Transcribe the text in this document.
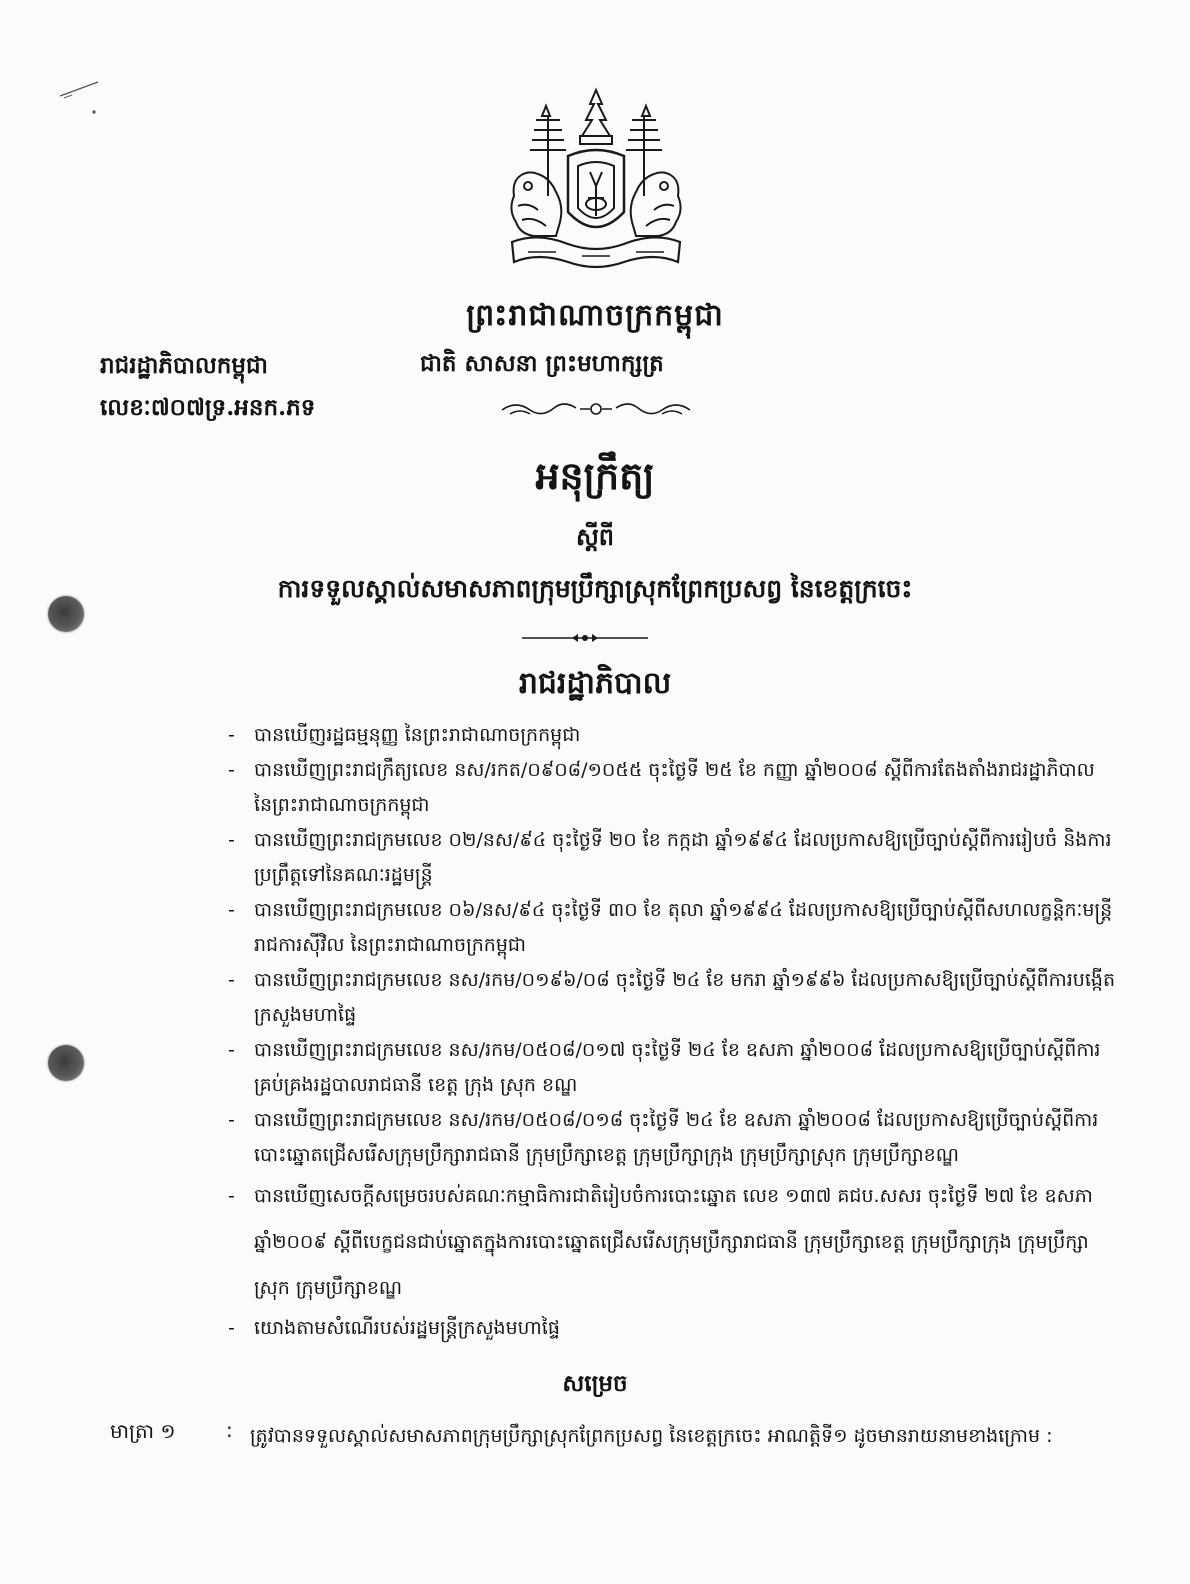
ព្រះរាជាណាចក្រកម្ពុជា
រាជរដ្ឋាភិបាលកម្ពុជា	ជាតិ សាសនា ព្រះមហាក្សត្រ
លេខៈ៧០៧ទ្រ.អនក.ភទ
អនុក្រឹត្យ
ស្តីពី
ការទទួលស្គាល់សមាសភាពក្រុមប្រឹក្សាស្រុកព្រែកប្រសព្វ នៃខេត្តក្រចេះ
រាជរដ្ឋាភិបាល
- បានឃើញរដ្ឋធម្មនុញ្ញ នៃព្រះរាជាណាចក្រកម្ពុជា
- បានឃើញព្រះរាជក្រឹត្យលេខ នស/រកត/០៩០៨/១០៥៥ ចុះថ្ងៃទី ២៥ ខែ កញ្ញា ឆ្នាំ២០០៨ ស្តីពីការតែងតាំងរាជរដ្ឋាភិបាល នៃព្រះរាជាណាចក្រកម្ពុជា
- បានឃើញព្រះរាជក្រមលេខ ០២/នស/៩៤ ចុះថ្ងៃទី ២០ ខែ កក្កដា ឆ្នាំ១៩៩៤ ដែលប្រកាសឱ្យប្រើច្បាប់ស្តីពីការរៀបចំ និងការប្រព្រឹត្តទៅនៃគណៈរដ្ឋមន្ត្រី
- បានឃើញព្រះរាជក្រមលេខ ០៦/នស/៩៤ ចុះថ្ងៃទី ៣០ ខែ តុលា ឆ្នាំ១៩៩៤ ដែលប្រកាសឱ្យប្រើច្បាប់ស្តីពីសហលក្ខន្តិកៈមន្ត្រីរាជការស៊ីវិល នៃព្រះរាជាណាចក្រកម្ពុជា
- បានឃើញព្រះរាជក្រមលេខ នស/រកម/០១៩៦/០៨ ចុះថ្ងៃទី ២៤ ខែ មករា ឆ្នាំ១៩៩៦ ដែលប្រកាសឱ្យប្រើច្បាប់ស្តីពីការបង្កើតក្រសួងមហាផ្ទៃ
- បានឃើញព្រះរាជក្រមលេខ នស/រកម/០៥០៨/០១៧ ចុះថ្ងៃទី ២៤ ខែ ឧសភា ឆ្នាំ២០០៨ ដែលប្រកាសឱ្យប្រើច្បាប់ស្តីពីការគ្រប់គ្រងរដ្ឋបាលរាជធានី ខេត្ត ក្រុង ស្រុក ខណ្ឌ
- បានឃើញព្រះរាជក្រមលេខ នស/រកម/០៥០៨/០១៨ ចុះថ្ងៃទី ២៤ ខែ ឧសភា ឆ្នាំ២០០៨ ដែលប្រកាសឱ្យប្រើច្បាប់ស្តីពីការបោះឆ្នោតជ្រើសរើសក្រុមប្រឹក្សារាជធានី ក្រុមប្រឹក្សាខេត្ត ក្រុមប្រឹក្សាក្រុង ក្រុមប្រឹក្សាស្រុក ក្រុមប្រឹក្សាខណ្ឌ
- បានឃើញសេចក្តីសម្រេចរបស់គណៈកម្មាធិការជាតិរៀបចំការបោះឆ្នោត លេខ ១៣៧ គជប.សសរ ចុះថ្ងៃទី ២៧ ខែ ឧសភា ឆ្នាំ២០០៩ ស្តីពីបេក្ខជនជាប់ឆ្នោតក្នុងការបោះឆ្នោតជ្រើសរើសក្រុមប្រឹក្សារាជធានី ក្រុមប្រឹក្សាខេត្ត ក្រុមប្រឹក្សាក្រុង ក្រុមប្រឹក្សាស្រុក ក្រុមប្រឹក្សាខណ្ឌ
- យោងតាមសំណើរបស់រដ្ឋមន្ត្រីក្រសួងមហាផ្ទៃ
សម្រេច
មាត្រា ១	: ត្រូវបានទទួលស្គាល់សមាសភាពក្រុមប្រឹក្សាស្រុកព្រែកប្រសព្វ នៃខេត្តក្រចេះ អាណត្តិទី១ ដូចមានរាយនាមខាងក្រោម :
